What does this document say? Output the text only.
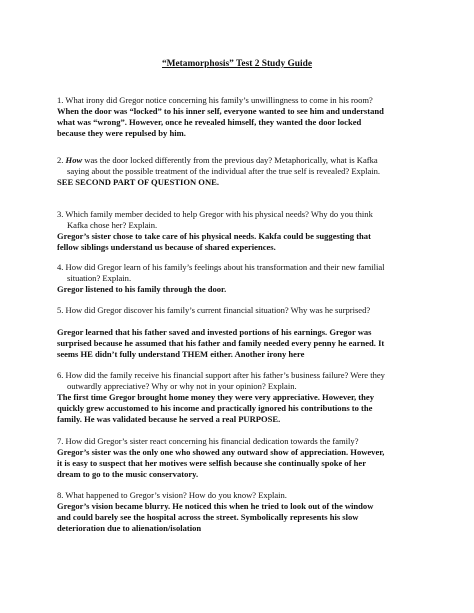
“Metamorphosis” Test 2 Study Guide
1. What irony did Gregor notice concerning his family’s unwillingness to come in his room?
When the door was “locked” to his inner self, everyone wanted to see him and understand
what was “wrong”. However, once he revealed himself, they wanted the door locked
because they were repulsed by him.
2. How was the door locked differently from the previous day? Metaphorically, what is Kafka
saying about the possible treatment of the individual after the true self is revealed? Explain.
SEE SECOND PART OF QUESTION ONE.
3. Which family member decided to help Gregor with his physical needs? Why do you think
Kafka chose her? Explain.
Gregor’s sister chose to take care of his physical needs. Kakfa could be suggesting that
fellow siblings understand us because of shared experiences.
4. How did Gregor learn of his family’s feelings about his transformation and their new familial
situation? Explain.
Gregor listened to his family through the door.
5. How did Gregor discover his family’s current financial situation? Why was he surprised?
Gregor learned that his father saved and invested portions of his earnings. Gregor was
surprised because he assumed that his father and family needed every penny he earned. It
seems HE didn’t fully understand THEM either. Another irony here
6. How did the family receive his financial support after his father’s business failure? Were they
outwardly appreciative? Why or why not in your opinion? Explain.
The first time Gregor brought home money they were very appreciative. However, they
quickly grew accustomed to his income and practically ignored his contributions to the
family. He was validated because he served a real PURPOSE.
7. How did Gregor’s sister react concerning his financial dedication towards the family?
Gregor’s sister was the only one who showed any outward show of appreciation. However,
it is easy to suspect that her motives were selfish because she continually spoke of her
dream to go to the music conservatory.
8. What happened to Gregor’s vision? How do you know? Explain.
Gregor’s vision became blurry. He noticed this when he tried to look out of the window
and could barely see the hospital across the street. Symbolically represents his slow
deterioration due to alienation/isolation
